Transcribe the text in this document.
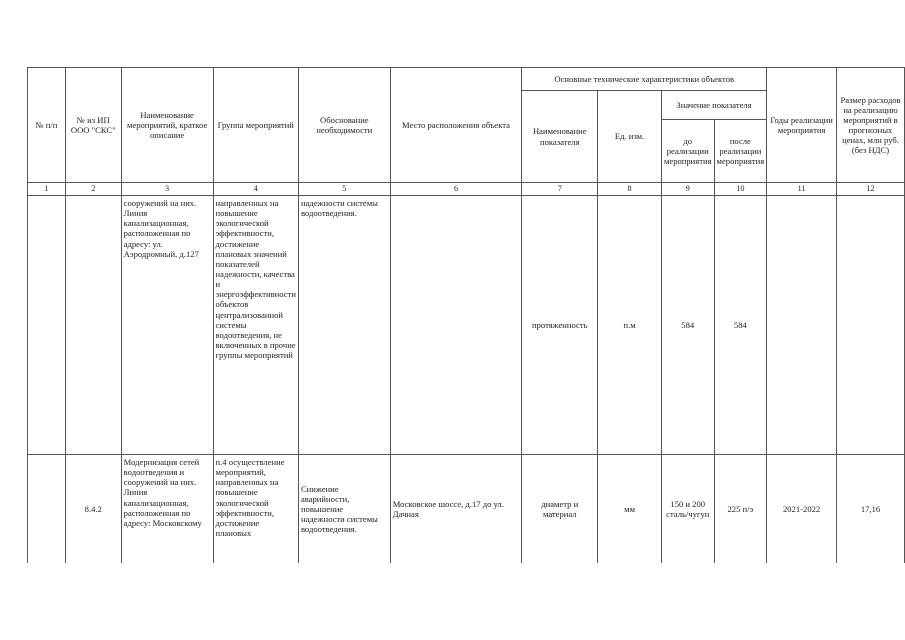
№ п/п	№ из ИП ООО "СКС"	Наименование мероприятий, краткое описание	Группа мероприятий	Обоснование необходимости	Место расположения объекта	Основные технические характеристики объектов				Годы реализации мероприятия	Размер расходов на реализацию мероприятий в прогнозных ценах, млн руб. (без НДС)
						Наименование показателя	Ед. изм.	Значение показателя			
								до реализации мероприятия	после реализации мероприятия		
1	2	3	4	5	6	7	8	9	10	11	12
		сооружений на них. Линия канализационная, расположенная по адресу: ул. Аэродромный, д.127	направленных на повышение экологической эффективности, достижение плановых значений показателей надежности, качества и энергоэффективности объектов централизованной системы водоотведения, не включенных в прочие группы мероприятий	надежности системы водоотведения.		протяженность	п.м	584	584		
	8.4.2	Модернизация сетей водоотведения и сооружений на них. Линия канализационная, расположенная по адресу: Московскому	п.4 осуществление мероприятий, направленных на повышение экологической эффективности, достижение плановых	Снижение аварийности, повышение надежности системы водоотведения.	Московское шоссе, д.17 до ул. Дачная	диаметр и материал	мм	150 и 200 сталь/чугун	225 п/э	2021-2022	17,16
